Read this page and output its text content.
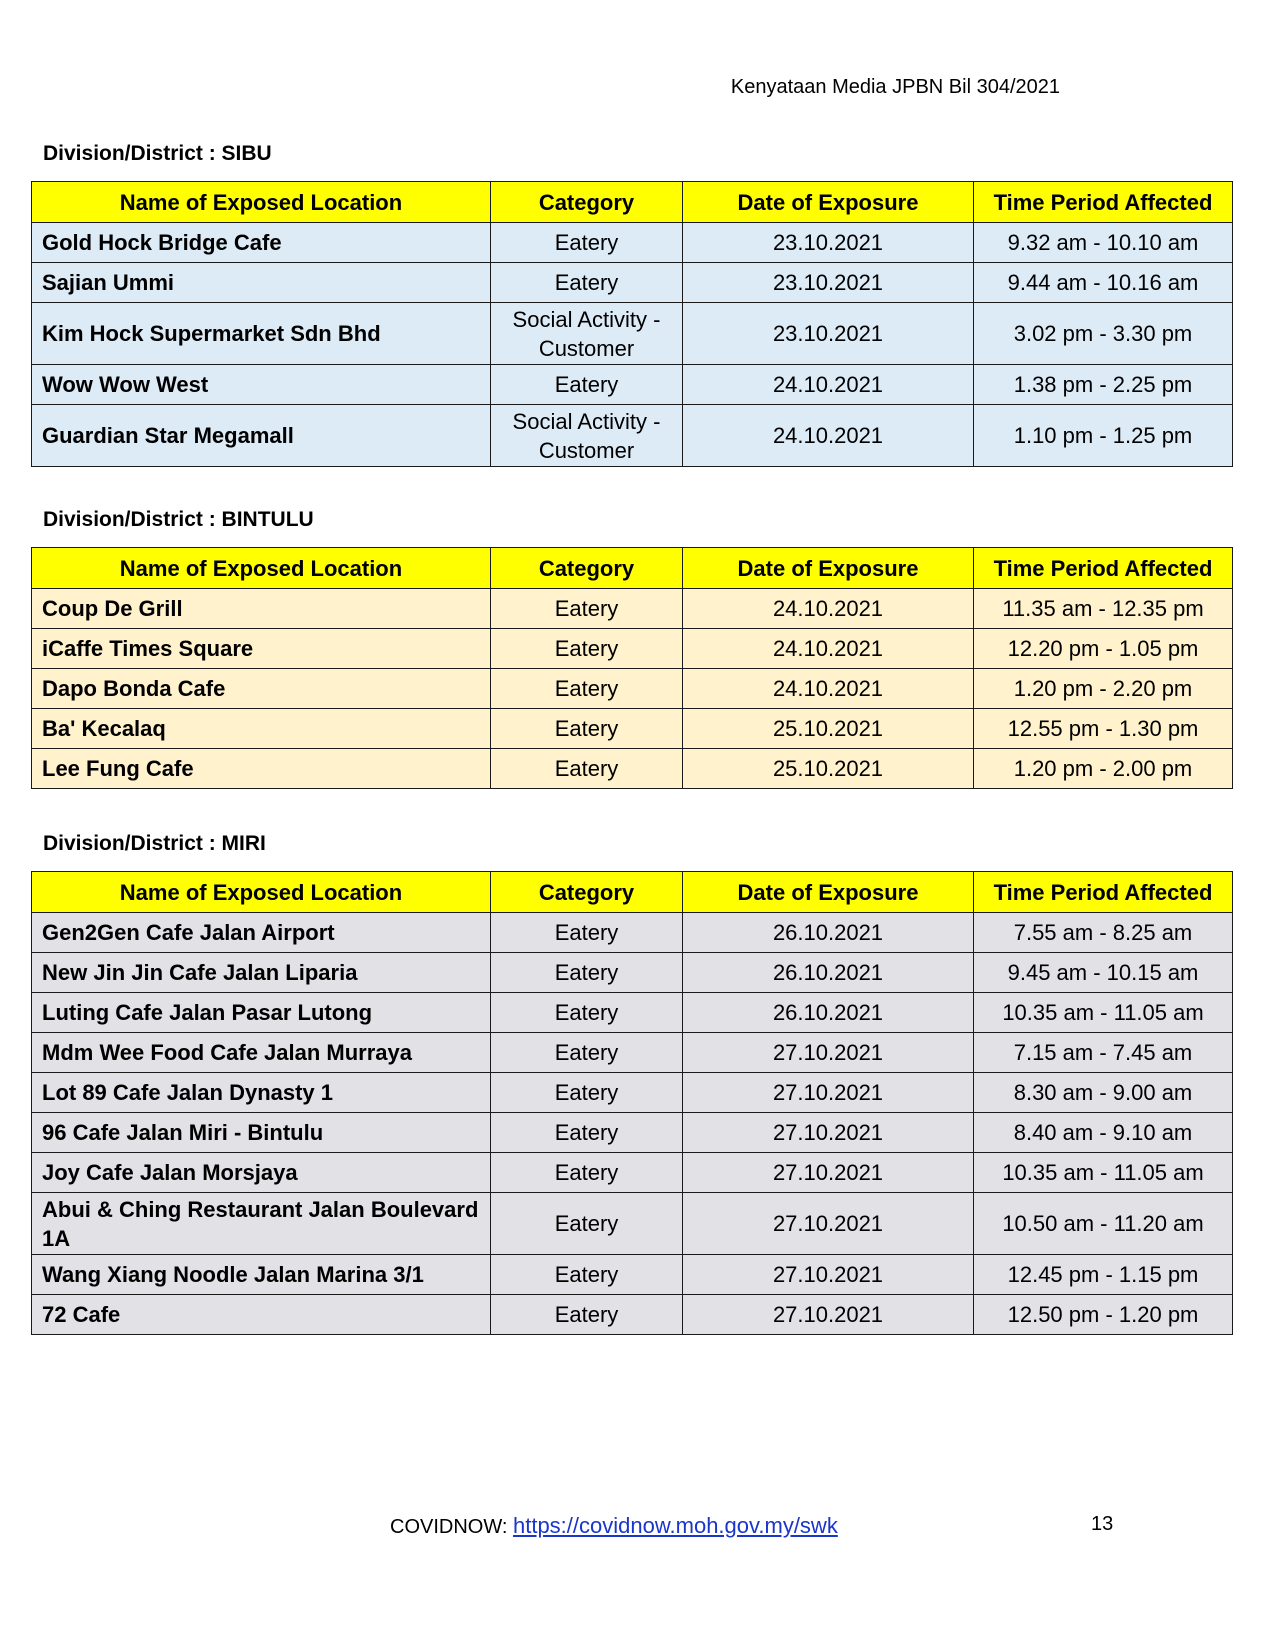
Kenyataan Media JPBN Bil 304/2021
Division/District : SIBU
Name of Exposed Location	Category	Date of Exposure	Time Period Affected
Gold Hock Bridge Cafe	Eatery	23.10.2021	9.32 am - 10.10 am
Sajian Ummi	Eatery	23.10.2021	9.44 am - 10.16 am
Kim Hock Supermarket Sdn Bhd	Social Activity - Customer	23.10.2021	3.02 pm - 3.30 pm
Wow Wow West	Eatery	24.10.2021	1.38 pm - 2.25 pm
Guardian Star Megamall	Social Activity - Customer	24.10.2021	1.10 pm - 1.25 pm
Division/District : BINTULU
Name of Exposed Location	Category	Date of Exposure	Time Period Affected
Coup De Grill	Eatery	24.10.2021	11.35 am - 12.35 pm
iCaffe Times Square	Eatery	24.10.2021	12.20 pm - 1.05 pm
Dapo Bonda Cafe	Eatery	24.10.2021	1.20 pm - 2.20 pm
Ba' Kecalaq	Eatery	25.10.2021	12.55 pm - 1.30 pm
Lee Fung Cafe	Eatery	25.10.2021	1.20 pm - 2.00 pm
Division/District : MIRI
Name of Exposed Location	Category	Date of Exposure	Time Period Affected
Gen2Gen Cafe Jalan Airport	Eatery	26.10.2021	7.55 am - 8.25 am
New Jin Jin Cafe Jalan Liparia	Eatery	26.10.2021	9.45 am - 10.15 am
Luting Cafe Jalan Pasar Lutong	Eatery	26.10.2021	10.35 am - 11.05 am
Mdm Wee Food Cafe Jalan Murraya	Eatery	27.10.2021	7.15 am - 7.45 am
Lot 89 Cafe Jalan Dynasty 1	Eatery	27.10.2021	8.30 am - 9.00 am
96 Cafe Jalan Miri - Bintulu	Eatery	27.10.2021	8.40 am - 9.10 am
Joy Cafe Jalan Morsjaya	Eatery	27.10.2021	10.35 am - 11.05 am
Abui & Ching Restaurant Jalan Boulevard 1A	Eatery	27.10.2021	10.50 am - 11.20 am
Wang Xiang Noodle Jalan Marina 3/1	Eatery	27.10.2021	12.45 pm - 1.15 pm
72 Cafe	Eatery	27.10.2021	12.50 pm - 1.20 pm
COVIDNOW: https://covidnow.moh.gov.my/swk	13
